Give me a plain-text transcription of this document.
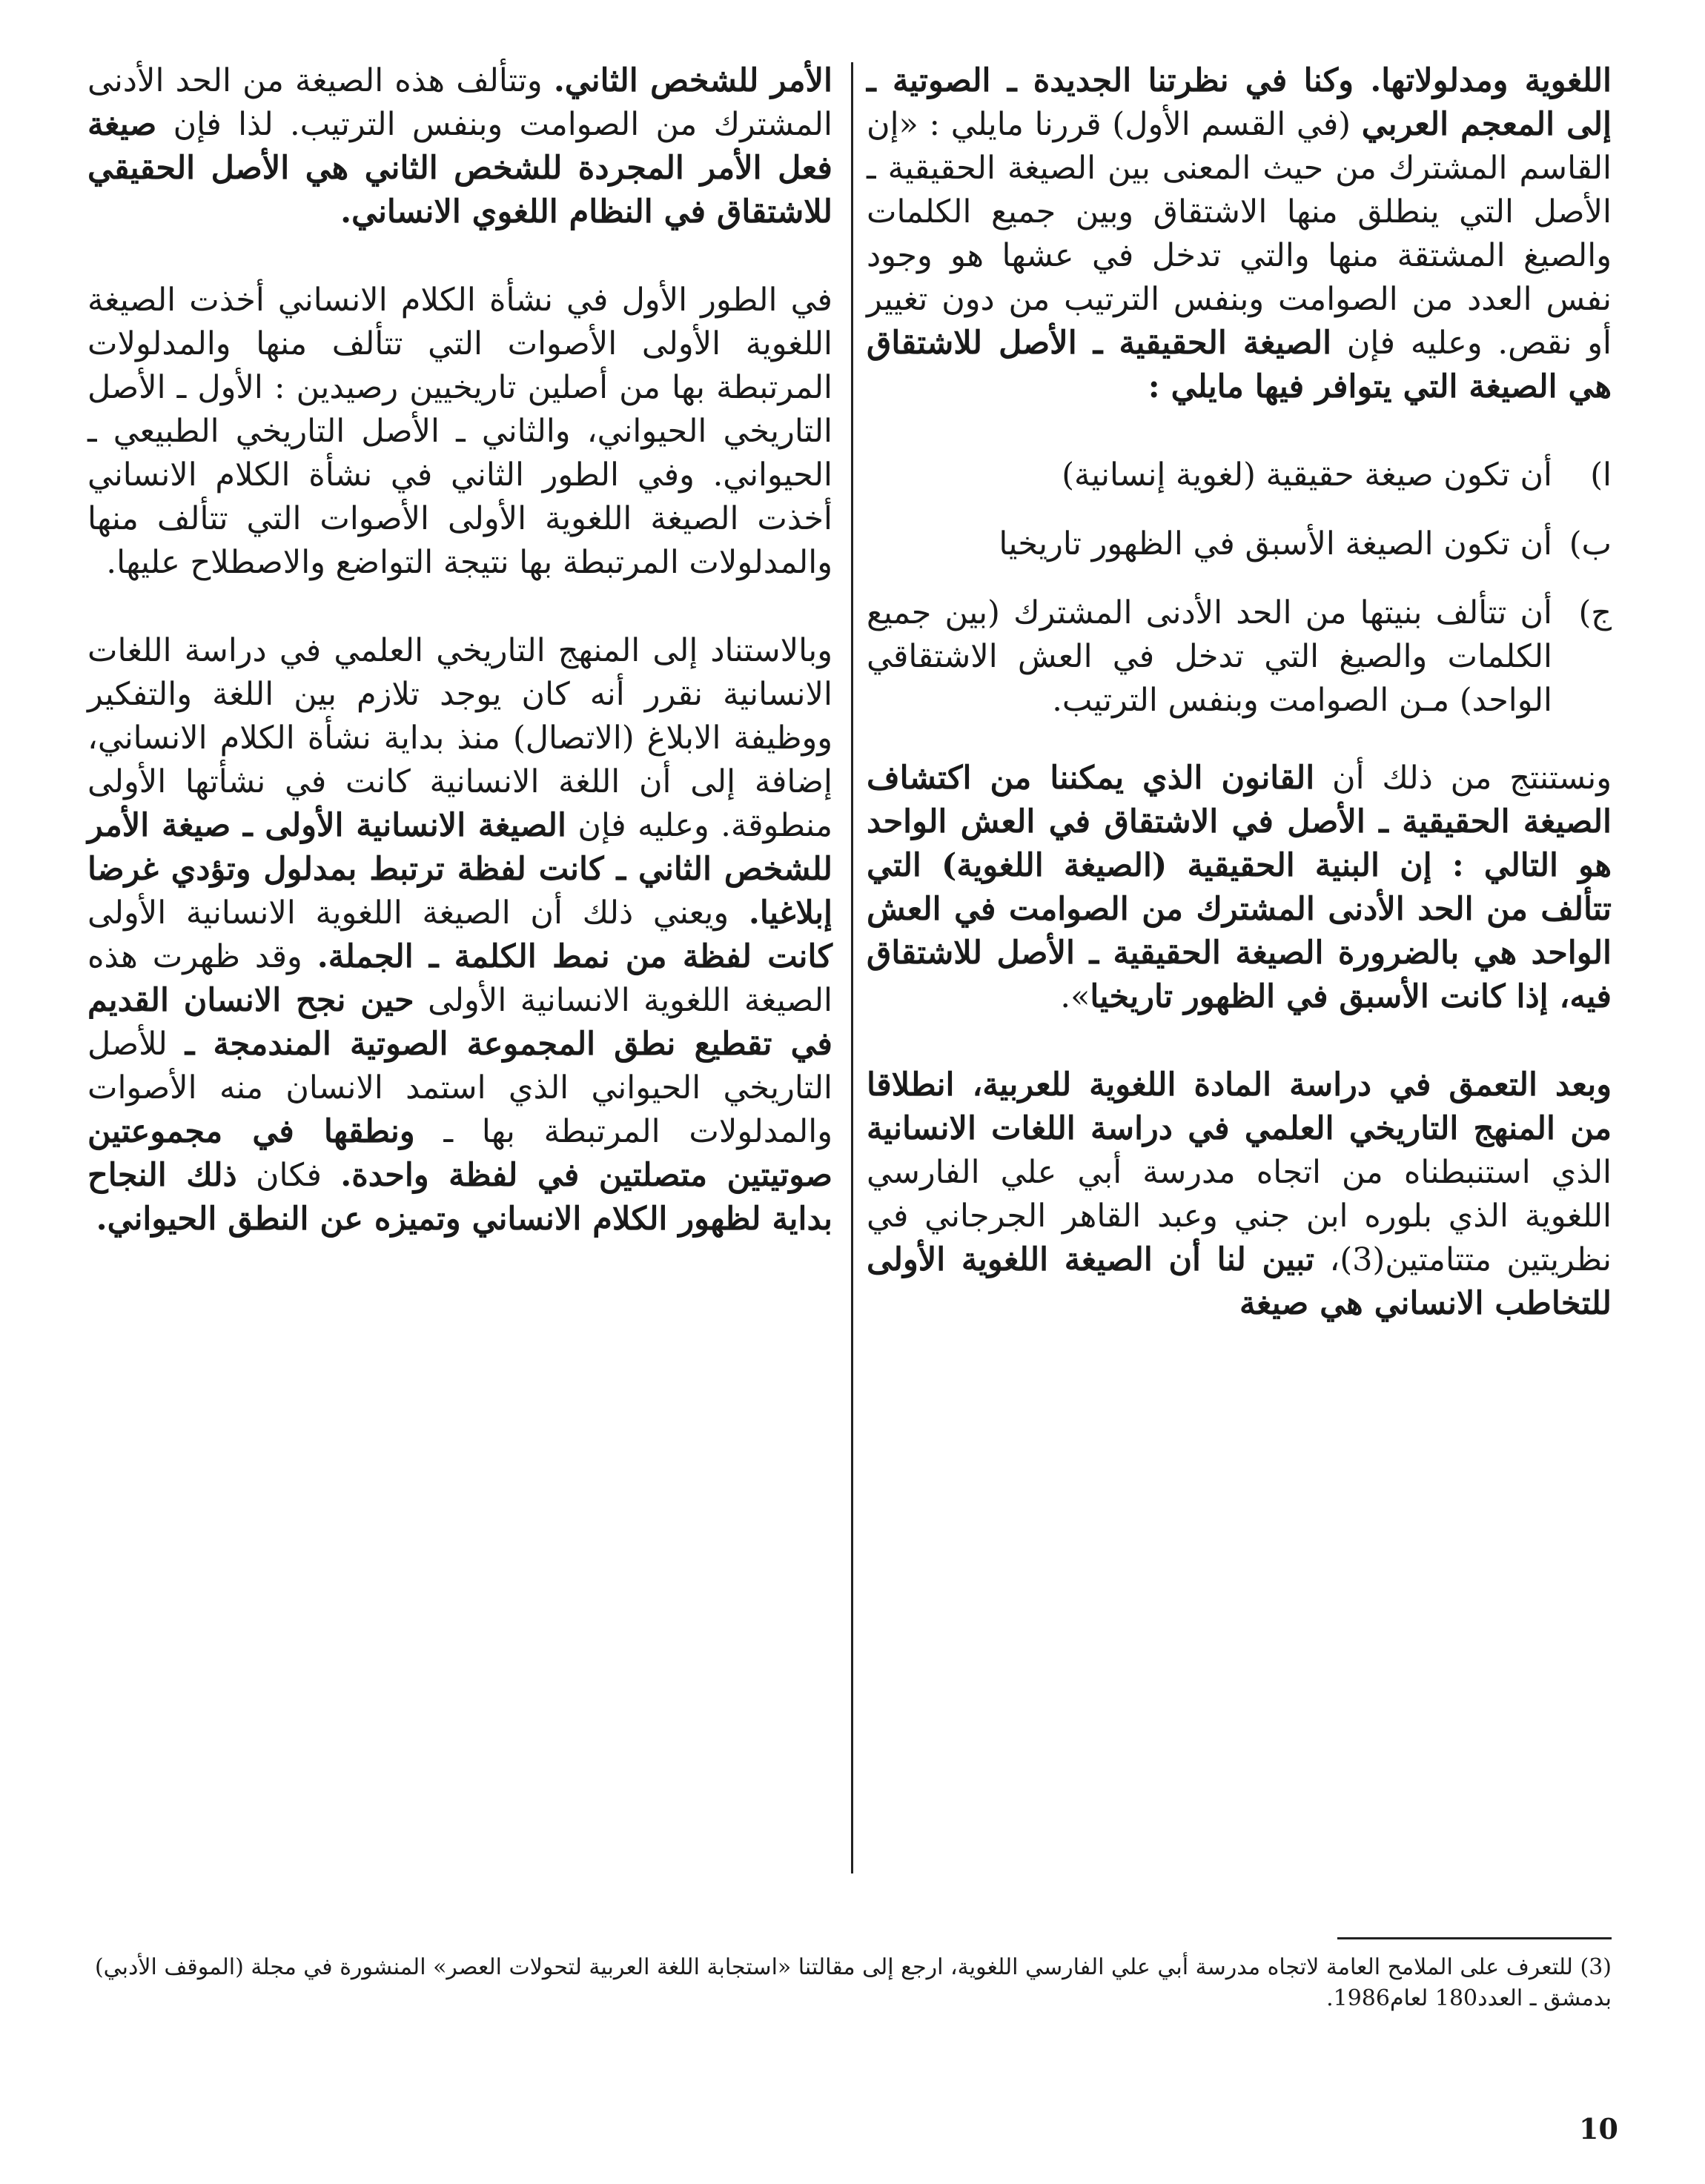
اللغوية ومدلولاتها. وكنا في نظرتنا الجديدة ـ الصوتية ـ إلى المعجم العربي (في القسم الأول) قررنا مايلي : «إن القاسم المشترك من حيث المعنى بين الصيغة الحقيقية ـ الأصل التي ينطلق منها الاشتقاق وبين جميع الكلمات والصيغ المشتقة منها والتي تدخل في عشها هو وجود نفس العدد من الصوامت وبنفس الترتيب من دون تغيير أو نقص. وعليه فإن الصيغة الحقيقية ـ الأصل للاشتقاق هي الصيغة التي يتوافر فيها مايلي :

ا)
أن تكون صيغة حقيقية (لغوية إنسانية)
ب)
أن تكون الصيغة الأسبق في الظهور تاريخيا
ج)
أن تتألف بنيتها من الحد الأدنى المشترك (بين جميع الكلمات والصيغ التي تدخل في العش الاشتقاقي الواحد) مـن الصوامت وبنفس الترتيب.

ونستنتج من ذلك أن القانون الذي يمكننا من اكتشاف الصيغة الحقيقية ـ الأصل في الاشتقاق في العش الواحد هو التالي : إن البنية الحقيقية (الصيغة اللغوية) التي تتألف من الحد الأدنى المشترك من الصوامت في العش الواحد هي بالضرورة الصيغة الحقيقية ـ الأصل للاشتقاق فيه، إذا كانت الأسبق في الظهور تاريخيا».

وبعد التعمق في دراسة المادة اللغوية للعربية، انطلاقا من المنهج التاريخي العلمي في دراسة اللغات الانسانية الذي استنبطناه من اتجاه مدرسة أبي علي الفارسي اللغوية الذي بلوره ابن جني وعبد القاهر الجرجاني في نظريتين متتامتين(3)، تبين لنا أن الصيغة اللغوية الأولى للتخاطب الانساني هي صيغة

الأمر للشخص الثاني. وتتألف هذه الصيغة من الحد الأدنى المشترك من الصوامت وبنفس الترتيب. لذا فإن صيغة فعل الأمر المجردة للشخص الثاني هي الأصل الحقيقي للاشتقاق في النظام اللغوي الانساني.

في الطور الأول في نشأة الكلام الانساني أخذت الصيغة اللغوية الأولى الأصوات التي تتألف منها والمدلولات المرتبطة بها من أصلين تاريخيين رصيدين : الأول ـ الأصل التاريخي الحيواني، والثاني ـ الأصل التاريخي الطبيعي ـ الحيواني. وفي الطور الثاني في نشأة الكلام الانساني أخذت الصيغة اللغوية الأولى الأصوات التي تتألف منها والمدلولات المرتبطة بها نتيجة التواضع والاصطلاح عليها.

وبالاستناد إلى المنهج التاريخي العلمي في دراسة اللغات الانسانية نقرر أنه كان يوجد تلازم بين اللغة والتفكير ووظيفة الابلاغ (الاتصال) منذ بداية نشأة الكلام الانساني، إضافة إلى أن اللغة الانسانية كانت في نشأتها الأولى منطوقة. وعليه فإن الصيغة الانسانية الأولى ـ صيغة الأمر للشخص الثاني ـ كانت لفظة ترتبط بمدلول وتؤدي غرضا إبلاغيا. ويعني ذلك أن الصيغة اللغوية الانسانية الأولى كانت لفظة من نمط الكلمة ـ الجملة. وقد ظهرت هذه الصيغة اللغوية الانسانية الأولى حين نجح الانسان القديم في تقطيع نطق المجموعة الصوتية المندمجة ـ للأصل التاريخي الحيواني الذي استمد الانسان منه الأصوات والمدلولات المرتبطة بها ـ ونطقها في مجموعتين صوتيتين متصلتين في لفظة واحدة. فكان ذلك النجاح بداية لظهور الكلام الانساني وتميزه عن النطق الحيواني.

(3) للتعرف على الملامح العامة لاتجاه مدرسة أبي علي الفارسي اللغوية، ارجع إلى مقالتنا «استجابة اللغة العربية لتحولات العصر» المنشورة في مجلة (الموقف الأدبي)
بدمشق ـ العدد180 لعام1986.
10
